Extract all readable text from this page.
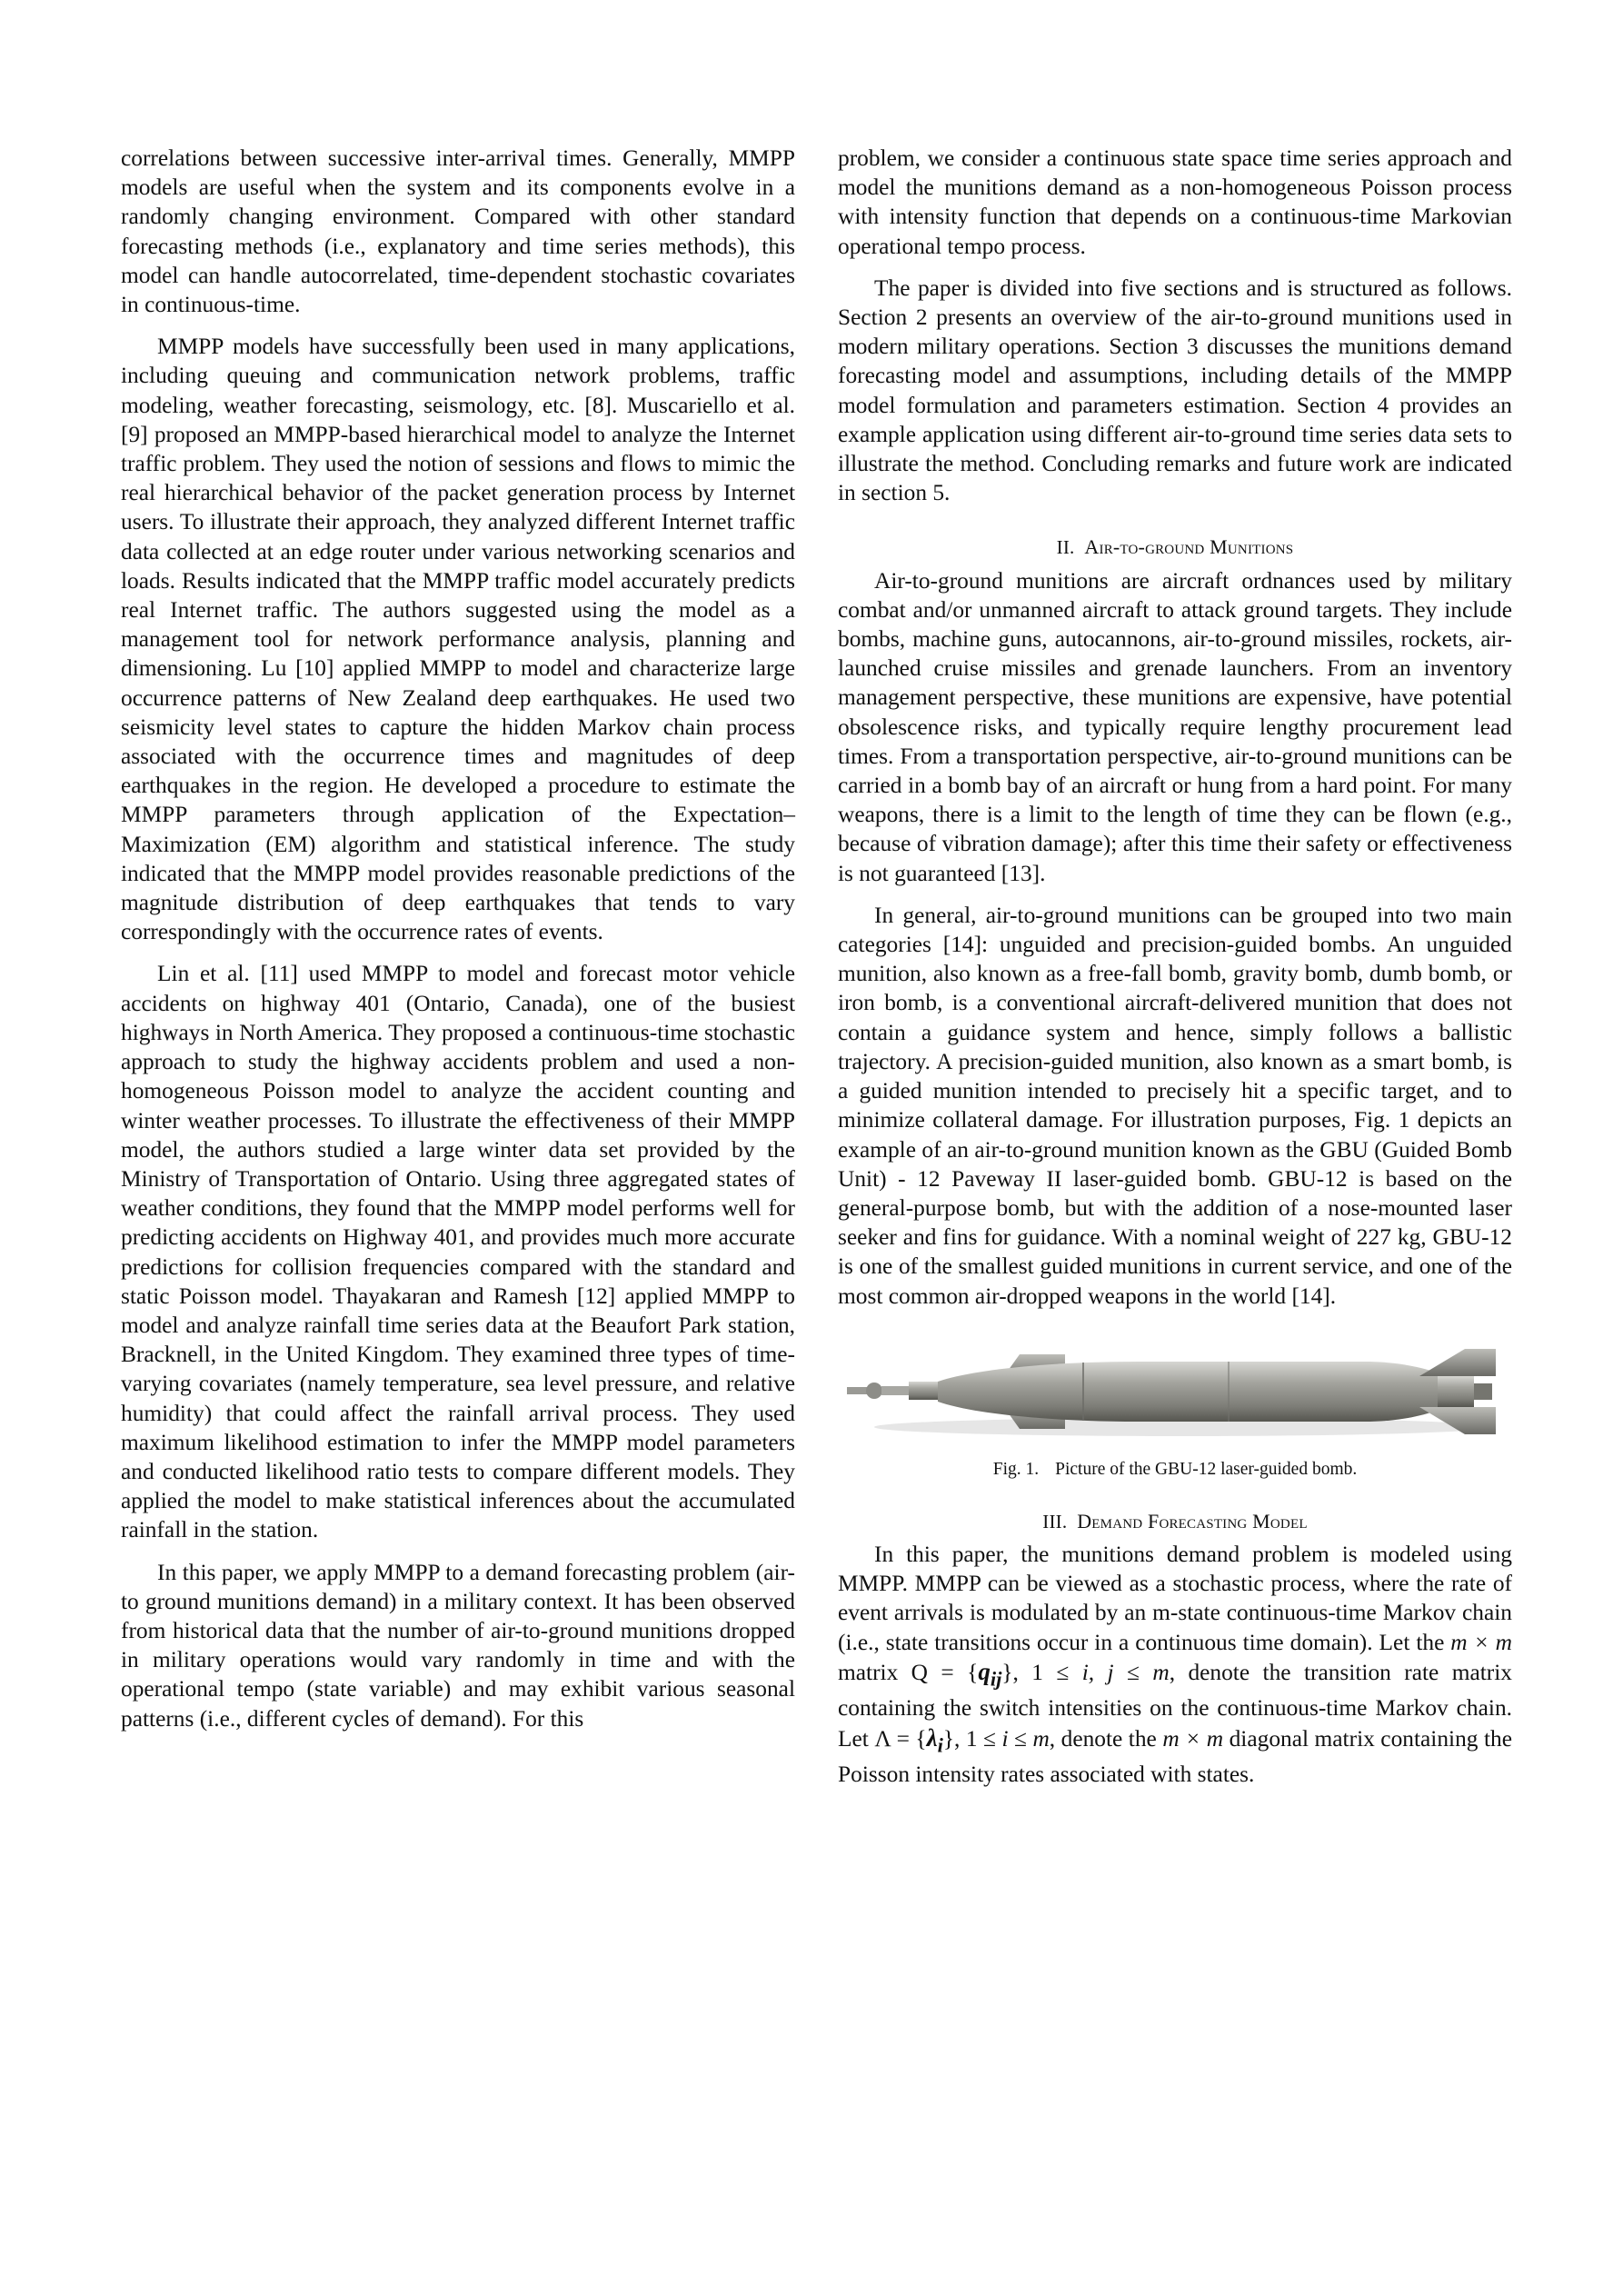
correlations between successive inter-arrival times. Generally, MMPP models are useful when the system and its components evolve in a randomly changing environment. Compared with other standard forecasting methods (i.e., explanatory and time series methods), this model can handle autocorrelated, time-dependent stochastic covariates in continuous-time.

MMPP models have successfully been used in many applications, including queuing and communication network problems, traffic modeling, weather forecasting, seismology, etc. [8]. Muscariello et al. [9] proposed an MMPP-based hierarchical model to analyze the Internet traffic problem. They used the notion of sessions and flows to mimic the real hierarchical behavior of the packet generation process by Internet users. To illustrate their approach, they analyzed different Internet traffic data collected at an edge router under various networking scenarios and loads. Results indicated that the MMPP traffic model accurately predicts real Internet traffic. The authors suggested using the model as a management tool for network performance analysis, planning and dimensioning. Lu [10] applied MMPP to model and characterize large occurrence patterns of New Zealand deep earthquakes. He used two seismicity level states to capture the hidden Markov chain process associated with the occurrence times and magnitudes of deep earthquakes in the region. He developed a procedure to estimate the MMPP parameters through application of the Expectation–Maximization (EM) algorithm and statistical inference. The study indicated that the MMPP model provides reasonable predictions of the magnitude distribution of deep earthquakes that tends to vary correspondingly with the occurrence rates of events.

Lin et al. [11] used MMPP to model and forecast motor vehicle accidents on highway 401 (Ontario, Canada), one of the busiest highways in North America. They proposed a continuous-time stochastic approach to study the highway accidents problem and used a non-homogeneous Poisson model to analyze the accident counting and winter weather processes. To illustrate the effectiveness of their MMPP model, the authors studied a large winter data set provided by the Ministry of Transportation of Ontario. Using three aggregated states of weather conditions, they found that the MMPP model performs well for predicting accidents on Highway 401, and provides much more accurate predictions for collision frequencies compared with the standard and static Poisson model. Thayakaran and Ramesh [12] applied MMPP to model and analyze rainfall time series data at the Beaufort Park station, Bracknell, in the United Kingdom. They examined three types of time-varying covariates (namely temperature, sea level pressure, and relative humidity) that could affect the rainfall arrival process. They used maximum likelihood estimation to infer the MMPP model parameters and conducted likelihood ratio tests to compare different models. They applied the model to make statistical inferences about the accumulated rainfall in the station.

In this paper, we apply MMPP to a demand forecasting problem (air-to ground munitions demand) in a military context. It has been observed from historical data that the number of air-to-ground munitions dropped in military operations would vary randomly in time and with the operational tempo (state variable) and may exhibit various seasonal patterns (i.e., different cycles of demand). For this

problem, we consider a continuous state space time series approach and model the munitions demand as a non-homogeneous Poisson process with intensity function that depends on a continuous-time Markovian operational tempo process.

The paper is divided into five sections and is structured as follows. Section 2 presents an overview of the air-to-ground munitions used in modern military operations. Section 3 discusses the munitions demand forecasting model and assumptions, including details of the MMPP model formulation and parameters estimation. Section 4 provides an example application using different air-to-ground time series data sets to illustrate the method. Concluding remarks and future work are indicated in section 5.

II. Air-to-ground Munitions

Air-to-ground munitions are aircraft ordnances used by military combat and/or unmanned aircraft to attack ground targets. They include bombs, machine guns, autocannons, air-to-ground missiles, rockets, air-launched cruise missiles and grenade launchers. From an inventory management perspective, these munitions are expensive, have potential obsolescence risks, and typically require lengthy procurement lead times. From a transportation perspective, air-to-ground munitions can be carried in a bomb bay of an aircraft or hung from a hard point. For many weapons, there is a limit to the length of time they can be flown (e.g., because of vibration damage); after this time their safety or effectiveness is not guaranteed [13].

In general, air-to-ground munitions can be grouped into two main categories [14]: unguided and precision-guided bombs. An unguided munition, also known as a free-fall bomb, gravity bomb, dumb bomb, or iron bomb, is a conventional aircraft-delivered munition that does not contain a guidance system and hence, simply follows a ballistic trajectory. A precision-guided munition, also known as a smart bomb, is a guided munition intended to precisely hit a specific target, and to minimize collateral damage. For illustration purposes, Fig. 1 depicts an example of an air-to-ground munition known as the GBU (Guided Bomb Unit) - 12 Paveway II laser-guided bomb. GBU-12 is based on the general-purpose bomb, but with the addition of a nose-mounted laser seeker and fins for guidance. With a nominal weight of 227 kg, GBU-12 is one of the smallest guided munitions in current service, and one of the most common air-dropped weapons in the world [14].

Fig. 1. Picture of the GBU-12 laser-guided bomb.
III. Demand Forecasting Model

In this paper, the munitions demand problem is modeled using MMPP. MMPP can be viewed as a stochastic process, where the rate of event arrivals is modulated by an m-state continuous-time Markov chain (i.e., state transitions occur in a continuous time domain). Let the m × m matrix $Q = \{q_{ij}\}$, 1 ≤ i, j ≤ m, denote the transition rate matrix containing the switch intensities on the continuous-time Markov chain. Let $\Lambda = \{\lambda_i\}$, 1 ≤ i ≤ m, denote the m × m diagonal matrix containing the Poisson intensity rates associated with states.
